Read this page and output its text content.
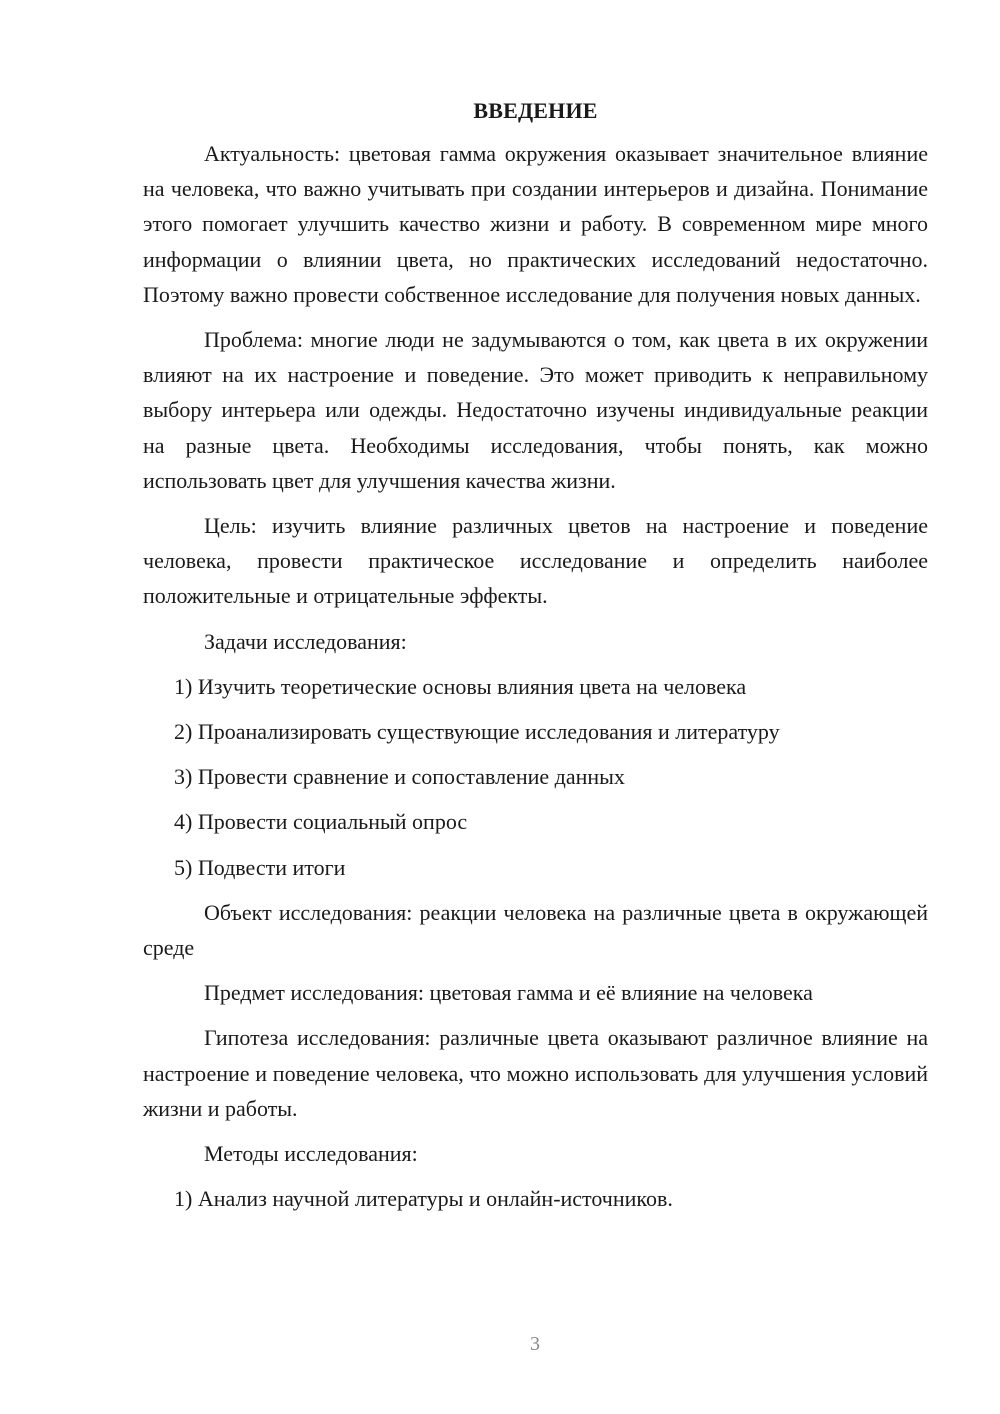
ВВЕДЕНИЕ

Актуальность: цветовая гамма окружения оказывает значительное влияние на человека, что важно учитывать при создании интерьеров и дизайна. Понимание этого помогает улучшить качество жизни и работу. В современном мире много информации о влиянии цвета, но практических исследований недостаточно. Поэтому важно провести собственное исследование для получения новых данных.

Проблема: многие люди не задумываются о том, как цвета в их окружении влияют на их настроение и поведение. Это может приводить к неправильному выбору интерьера или одежды. Недостаточно изучены индивидуальные реакции на разные цвета. Необходимы исследования, чтобы понять, как можно использовать цвет для улучшения качества жизни.

Цель: изучить влияние различных цветов на настроение и поведение человека, провести практическое исследование и определить наиболее положительные и отрицательные эффекты.

Задачи исследования:

1) Изучить теоретические основы влияния цвета на человека
2) Проанализировать существующие исследования и литературу
3) Провести сравнение и сопоставление данных
4) Провести социальный опрос
5) Подвести итоги

Объект исследования: реакции человека на различные цвета в окружающей среде

Предмет исследования: цветовая гамма и её влияние на человека

Гипотеза исследования: различные цвета оказывают различное влияние на настроение и поведение человека, что можно использовать для улучшения условий жизни и работы.

Методы исследования:

1) Анализ научной литературы и онлайн-источников.
3
